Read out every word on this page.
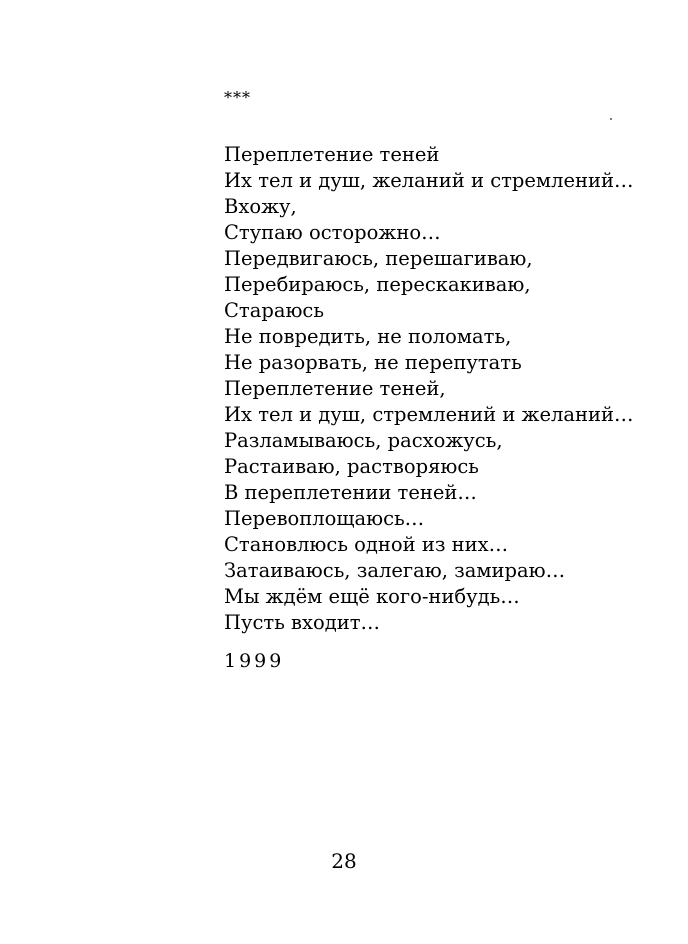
***
Переплетение теней
Их тел и душ, желаний и стремлений…
Вхожу,
Ступаю осторожно…
Передвигаюсь, перешагиваю,
Перебираюсь, перескакиваю,
Стараюсь
Не повредить, не поломать,
Не разорвать, не перепутать
Переплетение теней,
Их тел и душ, стремлений и желаний…
Разламываюсь, расхожусь,
Растаиваю, растворяюсь
В переплетении теней…
Перевоплощаюсь…
Становлюсь одной из них…
Затаиваюсь, залегаю, замираю…
Мы ждём ещё кого-нибудь…
Пусть входит…
1999
28
